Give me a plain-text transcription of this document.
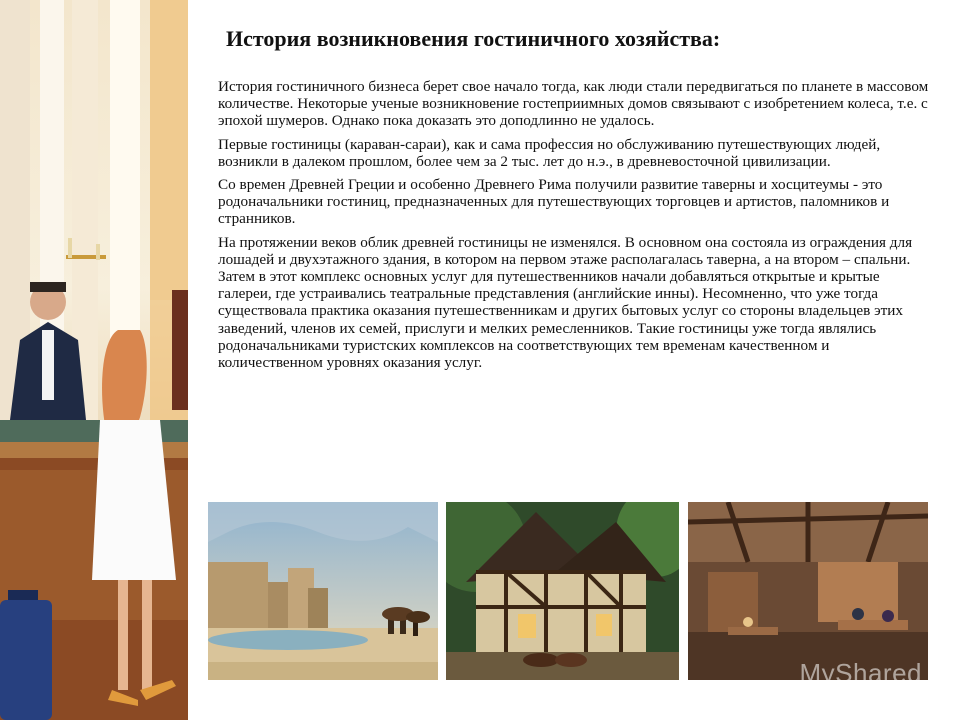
История возникновения гостиничного хозяйства:

История гостиничного бизнеса берет свое начало тогда, как люди стали передвигаться по планете в массовом количестве. Некоторые ученые возникновение гостеприимных домов связывают с изобретением колеса, т.е. с эпохой шумеров. Однако пока доказать это доподлинно не удалось.

Первые гостиницы (караван-сараи), как и сама профессия но обслуживанию путешествующих людей, возникли в далеком прошлом, более чем за 2 тыс. лет до н.э., в древневосточной цивилизации.

Со времен Древней Греции и особенно Древнего Рима получили развитие таверны и хосцитеумы - это родоначальники гостиниц, предназначенных для путешествующих торговцев и артистов, паломников и странников.

На протяжении веков облик древней гостиницы не изменялся. В основном она состояла из ограждения для лошадей и двухэтажного здания, в котором на первом этаже располагалась таверна, а на втором – спальни. Затем в этот комплекс основных услуг для путешественников начали добавляться открытые и крытые галереи, где устраивались театральные представления (английские инны). Несомненно, что уже тогда существовала практика оказания путешественникам и других бытовых услуг со стороны владельцев этих заведений, членов их семей, прислуги и мелких ремесленников. Такие гостиницы уже тогда являлись родоначальниками туристских комплексов на соответствующих тем временам качественном и количественном уровнях оказания услуг.

MyShared
